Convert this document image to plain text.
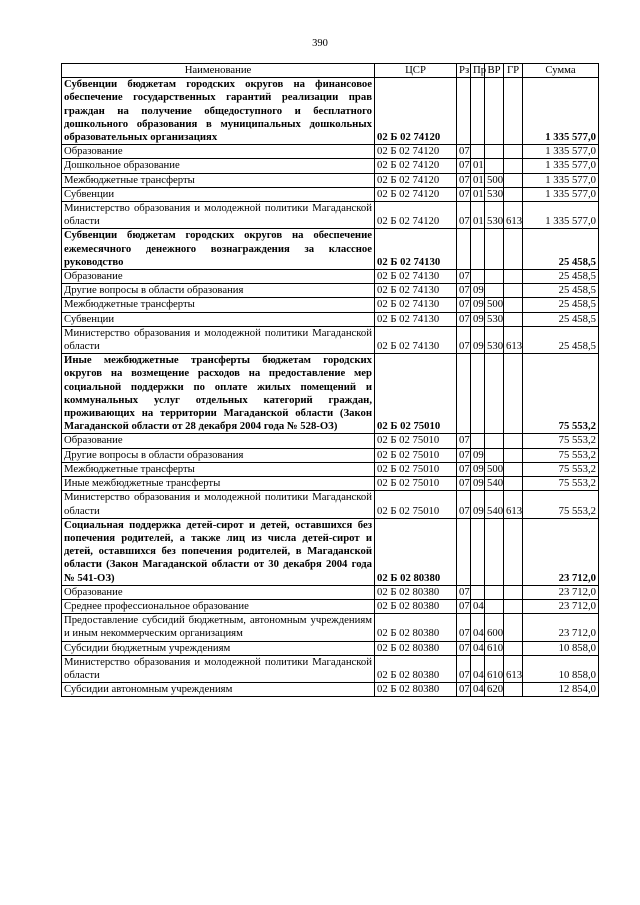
390
Наименование	ЦСР	Рз	Пр	ВР	ГР	Сумма
Субвенции бюджетам городских округов на финансовое обеспечение государственных гарантий реализации прав граждан на получение общедоступного и бесплатного дошкольного образования в муниципальных дошкольных образовательных организациях	02 Б 02 74120					1 335 577,0
Образование	02 Б 02 74120	07				1 335 577,0
Дошкольное образование	02 Б 02 74120	07	01			1 335 577,0
Межбюджетные трансферты	02 Б 02 74120	07	01	500		1 335 577,0
Субвенции	02 Б 02 74120	07	01	530		1 335 577,0
Министерство образования и молодежной политики Магаданской области	02 Б 02 74120	07	01	530	613	1 335 577,0
Субвенции бюджетам городских округов на обеспечение ежемесячного денежного вознаграждения за классное руководство	02 Б 02 74130					25 458,5
Образование	02 Б 02 74130	07				25 458,5
Другие вопросы в области образования	02 Б 02 74130	07	09			25 458,5
Межбюджетные трансферты	02 Б 02 74130	07	09	500		25 458,5
Субвенции	02 Б 02 74130	07	09	530		25 458,5
Министерство образования и молодежной политики Магаданской области	02 Б 02 74130	07	09	530	613	25 458,5
Иные межбюджетные трансферты бюджетам городских округов на возмещение расходов на предоставление мер социальной поддержки по оплате жилых помещений и коммунальных услуг отдельных категорий граждан, проживающих на территории Магаданской области (Закон Магаданской области от 28 декабря 2004 года № 528-ОЗ)	02 Б 02 75010					75 553,2
Образование	02 Б 02 75010	07				75 553,2
Другие вопросы в области образования	02 Б 02 75010	07	09			75 553,2
Межбюджетные трансферты	02 Б 02 75010	07	09	500		75 553,2
Иные межбюджетные трансферты	02 Б 02 75010	07	09	540		75 553,2
Министерство образования и молодежной политики Магаданской области	02 Б 02 75010	07	09	540	613	75 553,2
Социальная поддержка детей-сирот и детей, оставшихся без попечения родителей, а также лиц из числа детей-сирот и детей, оставшихся без попечения родителей, в Магаданской области (Закон Магаданской области от 30 декабря 2004 года № 541-ОЗ)	02 Б 02 80380					23 712,0
Образование	02 Б 02 80380	07				23 712,0
Среднее профессиональное образование	02 Б 02 80380	07	04			23 712,0
Предоставление субсидий бюджетным, автономным учреждениям и иным некоммерческим организациям	02 Б 02 80380	07	04	600		23 712,0
Субсидии бюджетным учреждениям	02 Б 02 80380	07	04	610		10 858,0
Министерство образования и молодежной политики Магаданской области	02 Б 02 80380	07	04	610	613	10 858,0
Субсидии автономным учреждениям	02 Б 02 80380	07	04	620		12 854,0
